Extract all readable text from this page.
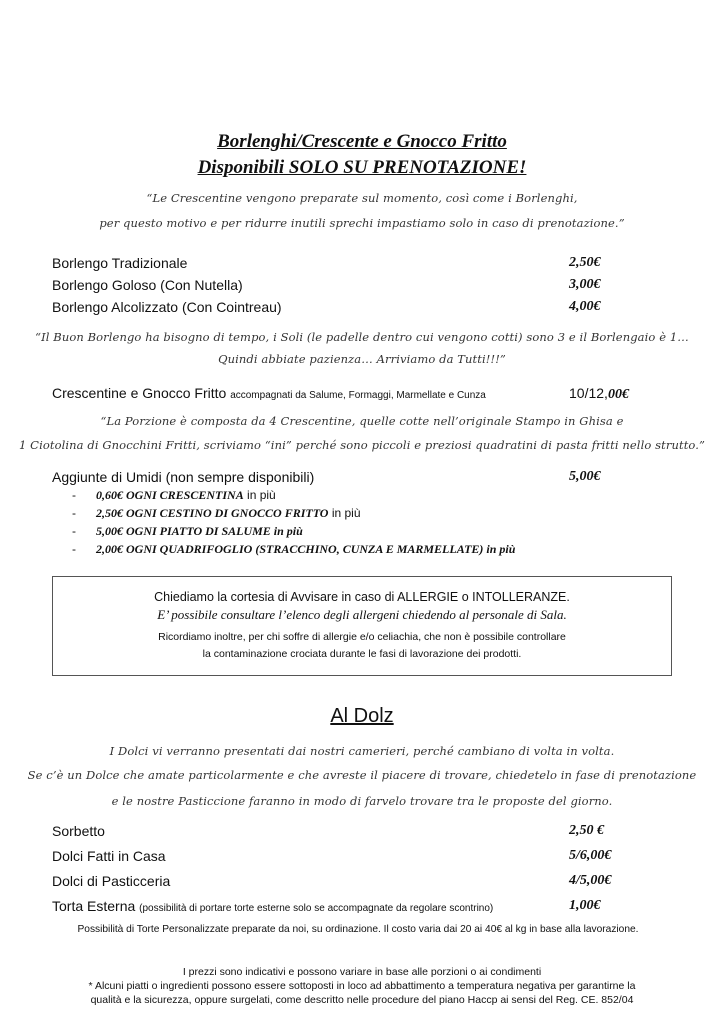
Borlenghi/Crescente e Gnocco Fritto
Disponibili SOLO SU PRENOTAZIONE!
“Le Crescentine vengono preparate sul momento, così come i Borlenghi,
per questo motivo e per ridurre inutili sprechi impastiamo solo in caso di prenotazione.”
Borlengo Tradizionale	2,50€
Borlengo Goloso (Con Nutella)	3,00€
Borlengo Alcolizzato (Con Cointreau)	4,00€
“Il Buon Borlengo ha bisogno di tempo, i Soli (le padelle dentro cui vengono cotti) sono 3 e il Borlengaio è 1…
Quindi abbiate pazienza… Arriviamo da Tutti!!!”
Crescentine e Gnocco Fritto accompagnati da Salume, Formaggi, Marmellate e Cunza	10/12,00€
“La Porzione è composta da 4 Crescentine, quelle cotte nell’originale Stampo in Ghisa e
1 Ciotolina di Gnocchini Fritti, scriviamo “ini” perché sono piccoli e preziosi quadratini di pasta fritti nello strutto.”
Aggiunte di Umidi (non sempre disponibili)	5,00€
- 0,60€ OGNI CRESCENTINA in più
- 2,50€ OGNI CESTINO DI GNOCCO FRITTO in più
- 5,00€ OGNI PIATTO DI SALUME in più
- 2,00€ OGNI QUADRIFOGLIO (STRACCHINO, CUNZA E MARMELLATE) in più
Chiediamo la cortesia di Avvisare in caso di ALLERGIE o INTOLLERANZE.
E’ possibile consultare l’elenco degli allergeni chiedendo al personale di Sala.
Ricordiamo inoltre, per chi soffre di allergie e/o celiachia, che non è possibile controllare
la contaminazione crociata durante le fasi di lavorazione dei prodotti.
Al Dolz
I Dolci vi verranno presentati dai nostri camerieri, perché cambiano di volta in volta.
Se c’è un Dolce che amate particolarmente e che avreste il piacere di trovare, chiedetelo in fase di prenotazione
e le nostre Pasticcione faranno in modo di farvelo trovare tra le proposte del giorno.
Sorbetto	2,50 €
Dolci Fatti in Casa	5/6,00€
Dolci di Pasticceria	4/5,00€
Torta Esterna (possibilità di portare torte esterne solo se accompagnate da regolare scontrino)	1,00€
Possibilità di Torte Personalizzate preparate da noi, su ordinazione. Il costo varia dai 20 ai 40€ al kg in base alla lavorazione.
I prezzi sono indicativi e possono variare in base alle porzioni o ai condimenti
* Alcuni piatti o ingredienti possono essere sottoposti in loco ad abbattimento a temperatura negativa per garantirne la
qualità e la sicurezza, oppure surgelati, come descritto nelle procedure del piano Haccp ai sensi del Reg. CE. 852/04
